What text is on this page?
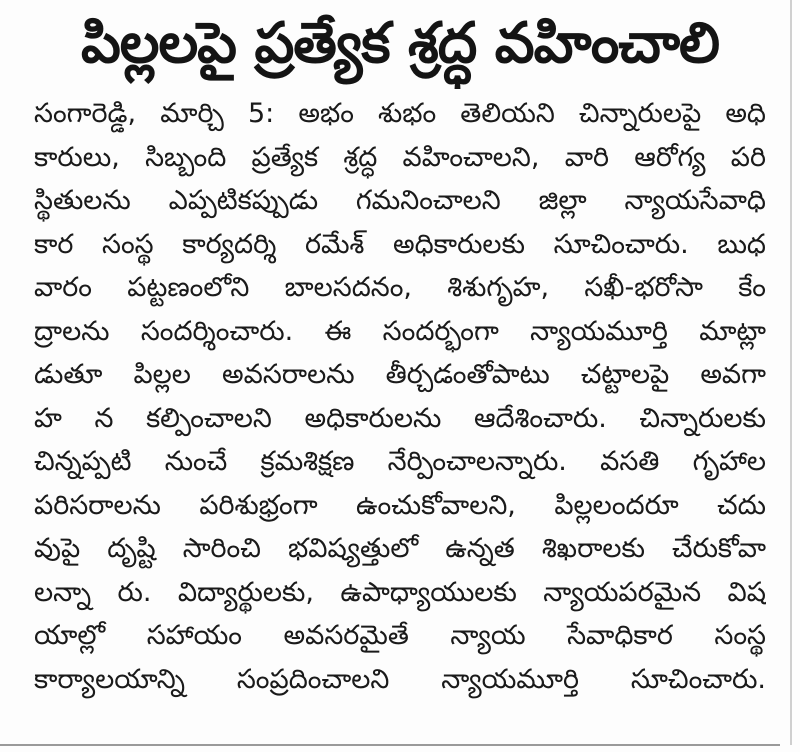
పిల్లలపై ప్రత్యేక శ్రద్ధ వహించాలి
సంగారెడ్డి, మార్చి 5: అభం శుభం తెలియని చిన్నారులపై అధి
కారులు, సిబ్బంది ప్రత్యేక శ్రద్ధ వహించాలని, వారి ఆరోగ్య పరి
స్థితులను ఎప్పటికప్పుడు గమనించాలని జిల్లా న్యాయసేవాధి
కార సంస్థ కార్యదర్శి రమేశ్ అధికారులకు సూచించారు. బుధ
వారం పట్టణంలోని బాలసదనం, శిశుగృహ, సఖీ-భరోసా కేం
ద్రాలను సందర్శించారు. ఈ సందర్భంగా న్యాయమూర్తి మాట్లా
డుతూ పిల్లల అవసరాలను తీర్చడంతోపాటు చట్టాలపై అవగా
హ న కల్పించాలని అధికారులను ఆదేశించారు. చిన్నారులకు
చిన్నప్పటి నుంచే క్రమశిక్షణ నేర్పించాలన్నారు. వసతి గృహాల
పరిసరాలను పరిశుభ్రంగా ఉంచుకోవాలని, పిల్లలందరూ చదు
వుపై దృష్టి సారించి భవిష్యత్తులో ఉన్నత శిఖరాలకు చేరుకోవా
లన్నా రు. విద్యార్థులకు, ఉపాధ్యాయులకు న్యాయపరమైన విష
యాల్లో సహాయం అవసరమైతే న్యాయ సేవాధికార సంస్థ
కార్యాలయాన్ని సంప్రదించాలని న్యాయమూర్తి సూచించారు.
